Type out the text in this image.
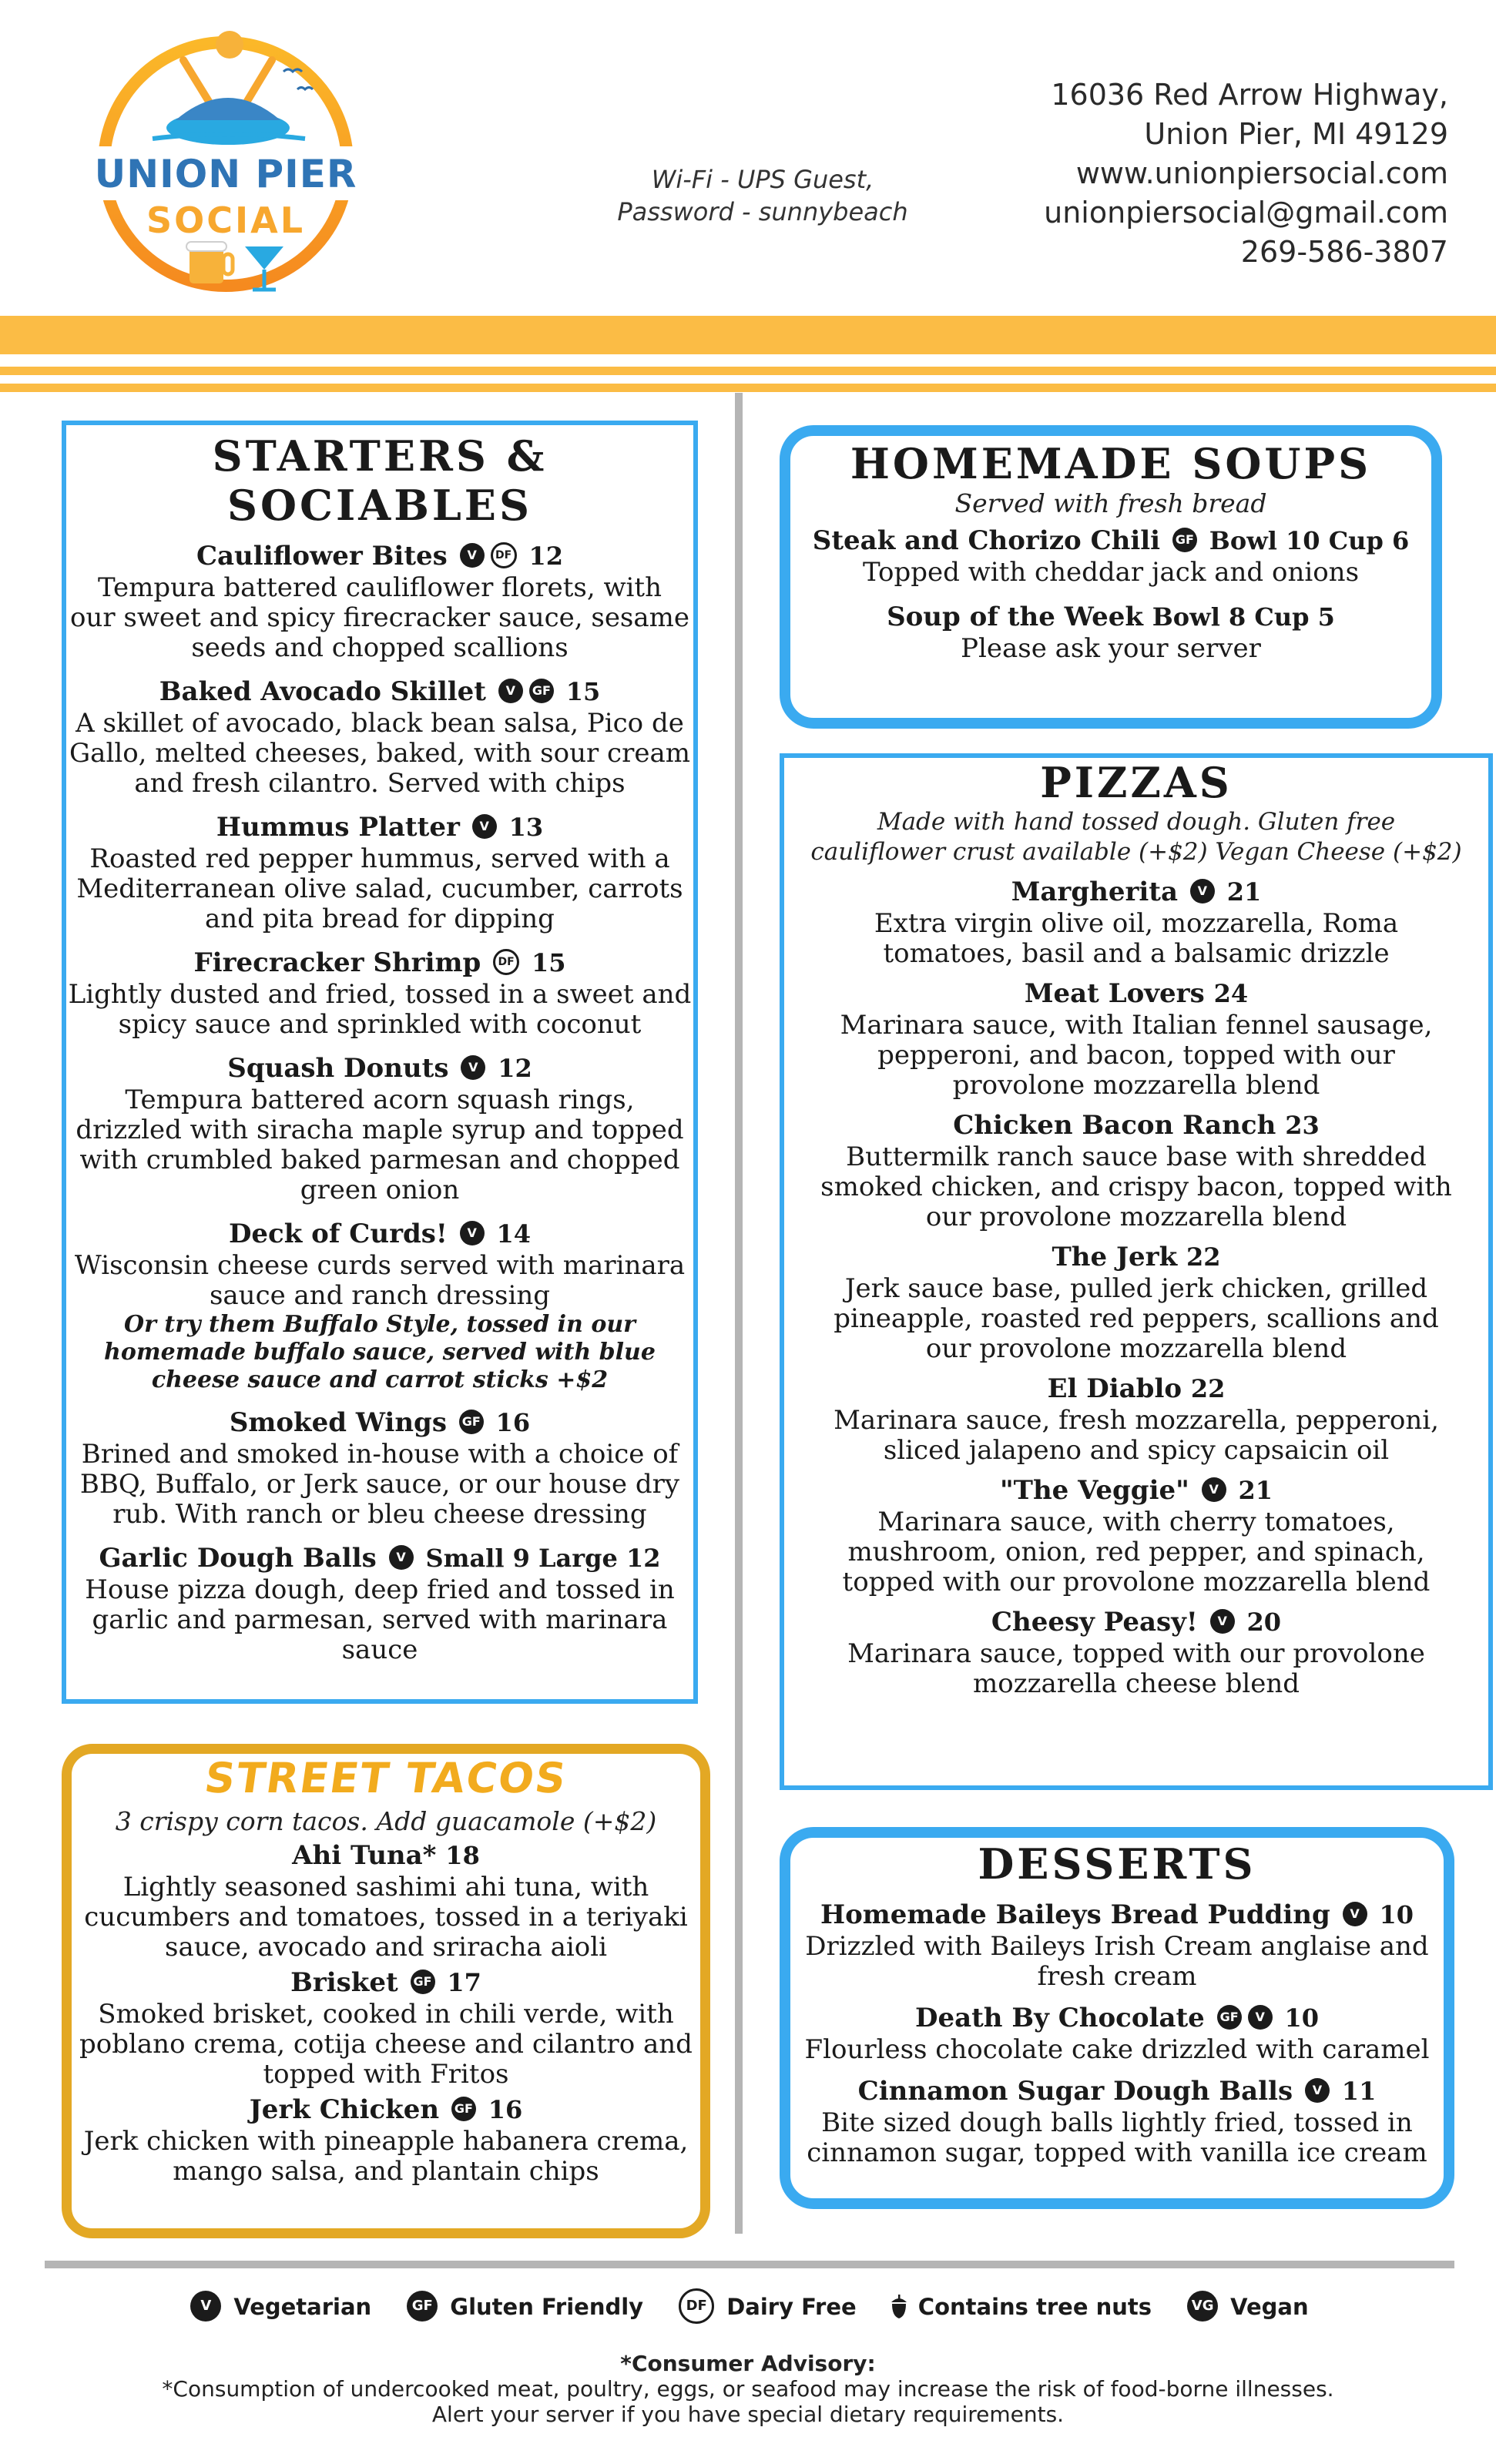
UNION PIER
SOCIAL
Wi-Fi - UPS Guest,
Password - sunnybeach
16036 Red Arrow Highway,
Union Pier, MI 49129
www.unionpiersocial.com
unionpiersocial@gmail.com
269-586-3807
STARTERS & SOCIABLES
Cauliflower Bites V DF 12
Tempura battered cauliflower florets, with
our sweet and spicy firecracker sauce, sesame
seeds and chopped scallions
Baked Avocado Skillet V GF 15
A skillet of avocado, black bean salsa, Pico de
Gallo, melted cheeses, baked, with sour cream
and fresh cilantro. Served with chips
Hummus Platter V 13
Roasted red pepper hummus, served with a
Mediterranean olive salad, cucumber, carrots
and pita bread for dipping
Firecracker Shrimp DF 15
Lightly dusted and fried, tossed in a sweet and
spicy sauce and sprinkled with coconut
Squash Donuts V 12
Tempura battered acorn squash rings,
drizzled with siracha maple syrup and topped
with crumbled baked parmesan and chopped
green onion
Deck of Curds! V 14
Wisconsin cheese curds served with marinara
sauce and ranch dressing
Or try them Buffalo Style, tossed in our
homemade buffalo sauce, served with blue
cheese sauce and carrot sticks +$2
Smoked Wings GF 16
Brined and smoked in-house with a choice of
BBQ, Buffalo, or Jerk sauce, or our house dry
rub. With ranch or bleu cheese dressing
Garlic Dough Balls V Small 9 Large 12
House pizza dough, deep fried and tossed in
garlic and parmesan, served with marinara
sauce
HOMEMADE SOUPS
Served with fresh bread
Steak and Chorizo Chili GF Bowl 10 Cup 6
Topped with cheddar jack and onions
Soup of the Week Bowl 8 Cup 5
Please ask your server
PIZZAS
Made with hand tossed dough. Gluten free
cauliflower crust available (+$2) Vegan Cheese (+$2)
Margherita V 21
Extra virgin olive oil, mozzarella, Roma
tomatoes, basil and a balsamic drizzle
Meat Lovers 24
Marinara sauce, with Italian fennel sausage,
pepperoni, and bacon, topped with our
provolone mozzarella blend
Chicken Bacon Ranch 23
Buttermilk ranch sauce base with shredded
smoked chicken, and crispy bacon, topped with
our provolone mozzarella blend
The Jerk 22
Jerk sauce base, pulled jerk chicken, grilled
pineapple, roasted red peppers, scallions and
our provolone mozzarella blend
El Diablo 22
Marinara sauce, fresh mozzarella, pepperoni,
sliced jalapeno and spicy capsaicin oil
"The Veggie" V 21
Marinara sauce, with cherry tomatoes,
mushroom, onion, red pepper, and spinach,
topped with our provolone mozzarella blend
Cheesy Peasy! V 20
Marinara sauce, topped with our provolone
mozzarella cheese blend
STREET TACOS
3 crispy corn tacos. Add guacamole (+$2)
Ahi Tuna* 18
Lightly seasoned sashimi ahi tuna, with
cucumbers and tomatoes, tossed in a teriyaki
sauce, avocado and sriracha aioli
Brisket GF 17
Smoked brisket, cooked in chili verde, with
poblano crema, cotija cheese and cilantro and
topped with Fritos
Jerk Chicken GF 16
Jerk chicken with pineapple habanera crema,
mango salsa, and plantain chips
DESSERTS
Homemade Baileys Bread Pudding V 10
Drizzled with Baileys Irish Cream anglaise and
fresh cream
Death By Chocolate GF V 10
Flourless chocolate cake drizzled with caramel
Cinnamon Sugar Dough Balls V 11
Bite sized dough balls lightly fried, tossed in
cinnamon sugar, topped with vanilla ice cream
V Vegetarian	GF Gluten Friendly	DF Dairy Free	Contains tree nuts	VG Vegan
*Consumer Advisory:
*Consumption of undercooked meat, poultry, eggs, or seafood may increase the risk of food-borne illnesses.
Alert your server if you have special dietary requirements.
